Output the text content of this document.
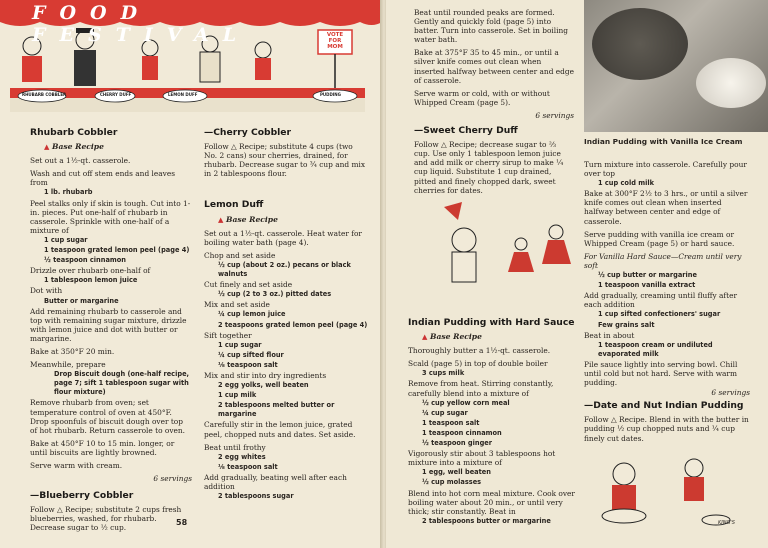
FOOD FESTIVAL	VOTE FOR MOM
RHUBARB COBBLER	CHERRY DUFF	LEMON DUFF	PUDDING
Rhubarb Cobbler
▲ Base Recipe

Set out a 1½-qt. casserole.

Wash and cut off stem ends and leaves from

1 lb. rhubarb

Peel stalks only if skin is tough. Cut into 1-in. pieces. Put one-half of rhubarb in casserole. Sprinkle with one-half of a mixture of

1 cup sugar
1 teaspoon grated lemon peel (page 4)
½ teaspoon cinnamon

Drizzle over rhubarb one-half of

1 tablespoon lemon juice

Dot with

Butter or margarine

Add remaining rhubarb to casserole and top with remaining sugar mixture, drizzle with lemon juice and dot with butter or margarine.

Bake at 350°F 20 min.

Meanwhile, prepare

Drop Biscuit dough (one-half recipe, page 7; sift 1 tablespoon sugar with flour mixture)

Remove rhubarb from oven; set temperature control of oven at 450°F. Drop spoonfuls of biscuit dough over top of hot rhubarb. Return casserole to oven.

Bake at 450°F 10 to 15 min. longer, or until biscuits are lightly browned.

Serve warm with cream.

6 servings

—Blueberry Cobbler

Follow △ Recipe; substitute 2 cups fresh blueberries, washed, for rhubarb. Decrease sugar to ½ cup.

—Cherry Cobbler

Follow △ Recipe; substitute 4 cups (two No. 2 cans) sour cherries, drained, for rhubarb. Decrease sugar to ¾ cup and mix in 2 tablespoons flour.

Lemon Duff
▲ Base Recipe

Set out a 1½-qt. casserole. Heat water for boiling water bath (page 4).

Chop and set aside

½ cup (about 2 oz.) pecans or black walnuts

Cut finely and set aside

½ cup (2 to 3 oz.) pitted dates

Mix and set aside

¼ cup lemon juice
2 teaspoons grated lemon peel (page 4)

Sift together

1 cup sugar
¼ cup sifted flour
⅛ teaspoon salt

Mix and stir into dry ingredients

2 egg yolks, well beaten
1 cup milk
2 tablespoons melted butter or margarine

Carefully stir in the lemon juice, grated peel, chopped nuts and dates. Set aside.

Beat until frothy

2 egg whites
⅛ teaspoon salt

Add gradually, beating well after each addition

2 tablespoons sugar
58

Beat until rounded peaks are formed. Gently and quickly fold (page 5) into batter. Turn into casserole. Set in boiling water bath.

Bake at 375°F 35 to 45 min., or until a silver knife comes out clean when inserted halfway between center and edge of casserole.

Serve warm or cold, with or without Whipped Cream (page 5).

6 servings

—Sweet Cherry Duff

Follow △ Recipe; decrease sugar to ⅔ cup. Use only 1 tablespoon lemon juice and add milk or cherry sirup to make ¼ cup liquid. Substitute 1 cup drained, pitted and finely chopped dark, sweet cherries for dates.

Indian Pudding with Hard Sauce
▲ Base Recipe

Thoroughly butter a 1½-qt. casserole.

Scald (page 5) in top of double boiler

3 cups milk

Remove from heat. Stirring constantly, carefully blend into a mixture of

½ cup yellow corn meal
¼ cup sugar
1 teaspoon salt
1 teaspoon cinnamon
½ teaspoon ginger

Vigorously stir about 3 tablespoons hot mixture into a mixture of

1 egg, well beaten
½ cup molasses

Blend into hot corn meal mixture. Cook over boiling water about 20 min., or until very thick; stir constantly. Beat in

2 tablespoons butter or margarine
Indian Pudding with Vanilla Ice Cream

Turn mixture into casserole. Carefully pour over top

1 cup cold milk

Bake at 300°F 2½ to 3 hrs., or until a silver knife comes out clean when inserted halfway between center and edge of casserole.

Serve pudding with vanilla ice cream or Whipped Cream (page 5) or hard sauce.

For Vanilla Hard Sauce—Cream until very soft

½ cup butter or margarine
1 teaspoon vanilla extract

Add gradually, creaming until fluffy after each addition

1 cup sifted confectioners' sugar
Few grains salt

Beat in about

1 teaspoon cream or undiluted evaporated milk

Pile sauce lightly into serving bowl. Chill until cold but not hard. Serve with warm pudding.

6 servings

—Date and Nut Indian Pudding

Follow △ Recipe. Blend in with the butter in pudding ½ cup chopped nuts and ¼ cup finely cut dates.

KING'S
